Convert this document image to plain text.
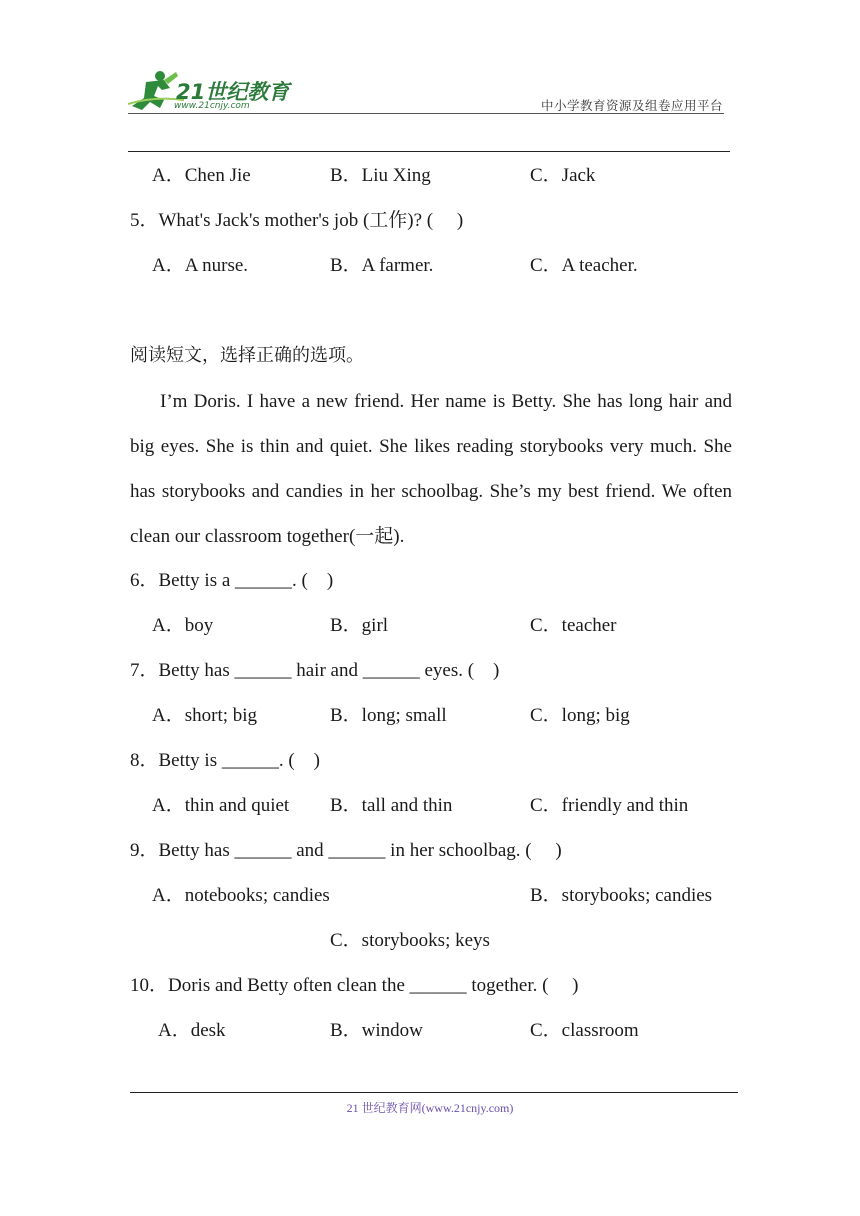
21世纪教育
www.21cnjy.com	中小学教育资源及组卷应用平台
A．Chen Jie	B．Liu Xing	C．Jack
5．What's Jack's mother's job (工作)? (　 )
A．A nurse.	B．A farmer.	C．A teacher.
阅读短文，选择正确的选项。

I’m Doris. I have a new friend. Her name is Betty. She has long hair and big eyes. She is thin and quiet. She likes reading storybooks very much. She has storybooks and candies in her schoolbag. She’s my best friend. We often clean our classroom together(一起).

6．Betty is a ______. (　)
A．boy	B．girl	C．teacher
7．Betty has ______ hair and ______ eyes. (　)
A．short; big	B．long; small	C．long; big
8．Betty is ______. (　)
A．thin and quiet B．tall and thin	C．friendly and thin
9．Betty has ______ and ______ in her schoolbag. (　 )
A．notebooks; candies	B．storybooks; candies
C．storybooks; keys
10．Doris and Betty often clean the ______ together. (　 )
A．desk	B．window	C．classroom
21 世纪教育网(www.21cnjy.com)
